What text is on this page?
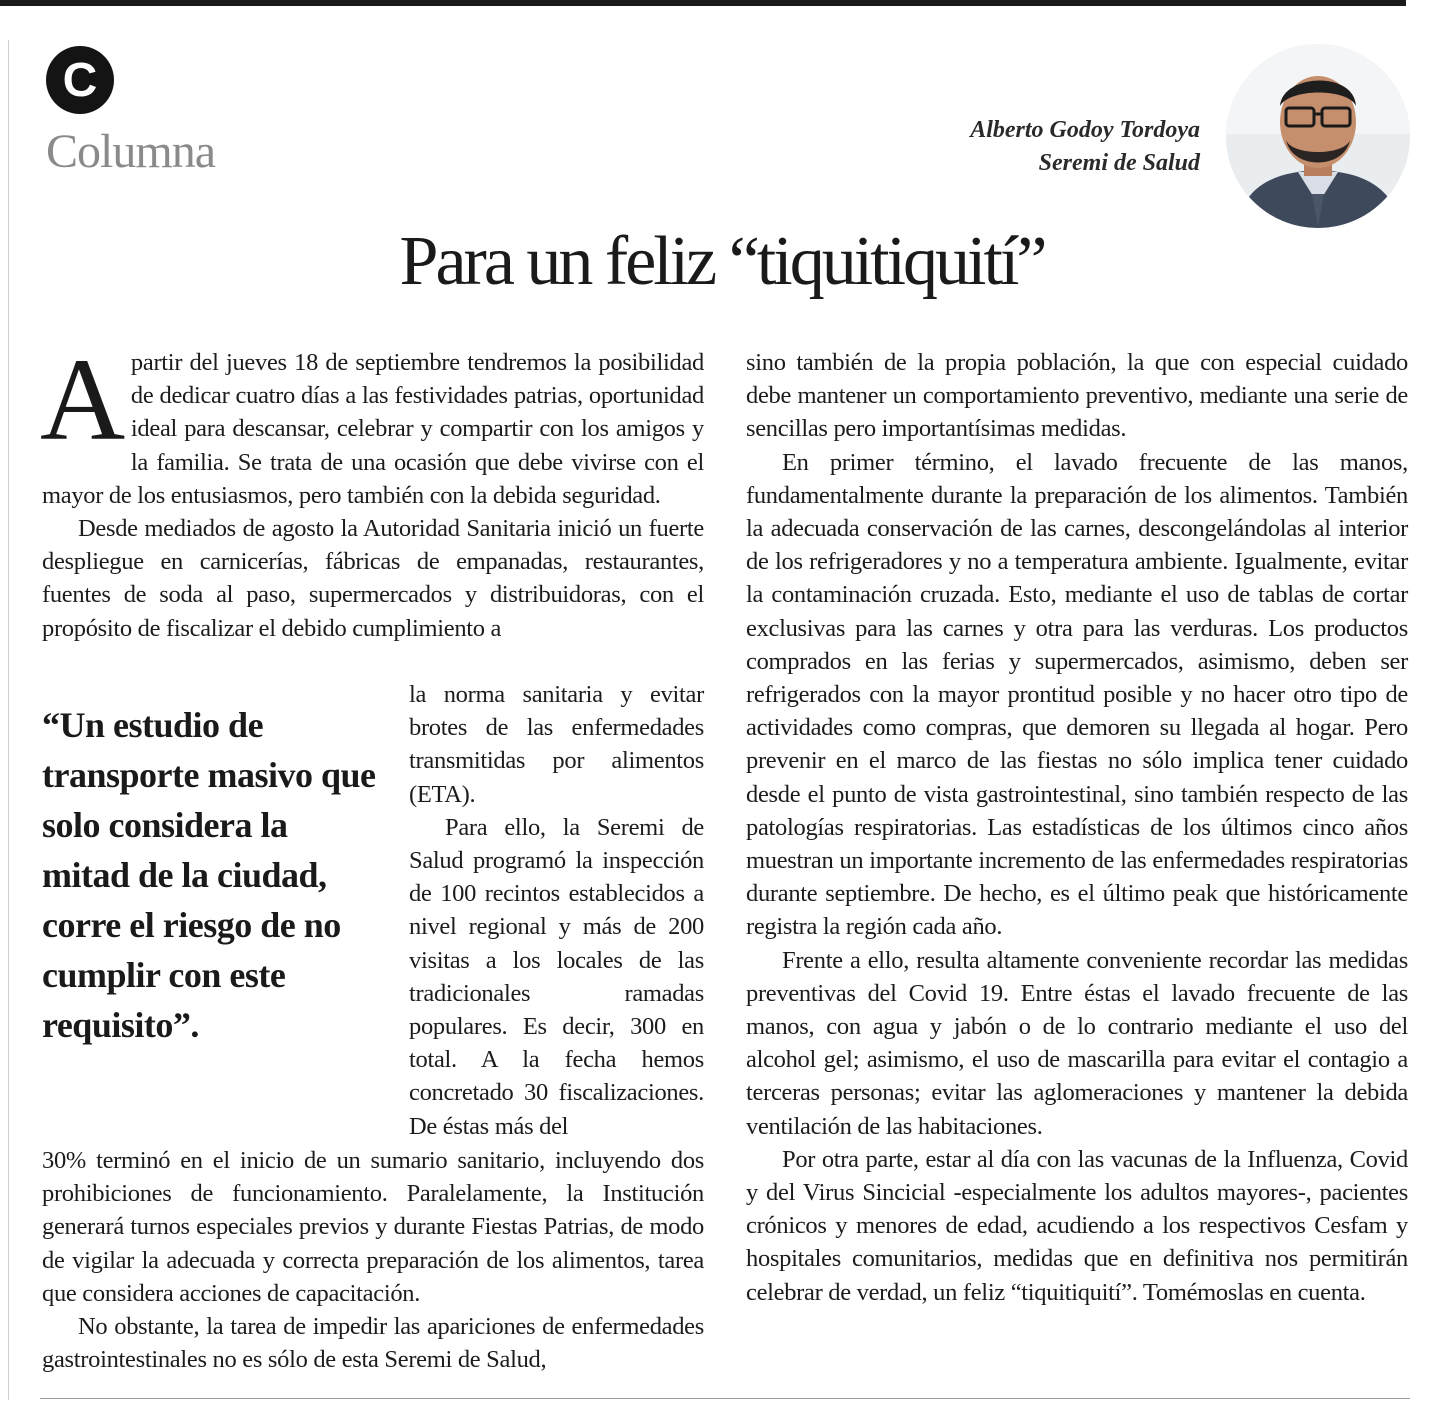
C
Columna	Alberto Godoy Tordoya
Seremi de Salud
Para un feliz “tiquitiquití”
A partir del jueves 18 de septiembre tendremos la posibilidad de dedicar cuatro días a las festividades patrias, oportunidad ideal para descansar, celebrar y compartir con los amigos y la familia. Se trata de una ocasión que debe vivirse con el mayor de los entusiasmos, pero también con la debida seguridad.

Desde mediados de agosto la Autoridad Sanitaria inició un fuerte despliegue en carnicerías, fábricas de empanadas, restaurantes, fuentes de soda al paso, supermercados y distribuidoras, con el propósito de fiscalizar el debido cumplimiento a

“Un estudio de transporte masivo que solo considera la mitad de la ciudad, corre el riesgo de no cumplir con este requisito”.

la norma sanitaria y evitar brotes de las enfermedades transmitidas por alimentos (ETA).

Para ello, la Seremi de Salud programó la inspección de 100 recintos establecidos a nivel regional y más de 200 visitas a los locales de las tradicionales ramadas populares. Es decir, 300 en total. A la fecha hemos concretado 30 fiscalizaciones. De éstas más del

30% terminó en el inicio de un sumario sanitario, incluyendo dos prohibiciones de funcionamiento. Paralelamente, la Institución generará turnos especiales previos y durante Fiestas Patrias, de modo de vigilar la adecuada y correcta preparación de los alimentos, tarea que considera acciones de capacitación.

No obstante, la tarea de impedir las apariciones de enfermedades gastrointestinales no es sólo de esta Seremi de Salud,

sino también de la propia población, la que con especial cuidado debe mantener un comportamiento preventivo, mediante una serie de sencillas pero importantísimas medidas.

En primer término, el lavado frecuente de las manos, fundamentalmente durante la preparación de los alimentos. También la adecuada conservación de las carnes, descongelándolas al interior de los refrigeradores y no a temperatura ambiente. Igualmente, evitar la contaminación cruzada. Esto, mediante el uso de tablas de cortar exclusivas para las carnes y otra para las verduras. Los productos comprados en las ferias y supermercados, asimismo, deben ser refrigerados con la mayor prontitud posible y no hacer otro tipo de actividades como compras, que demoren su llegada al hogar. Pero prevenir en el marco de las fiestas no sólo implica tener cuidado desde el punto de vista gastrointestinal, sino también respecto de las patologías respiratorias. Las estadísticas de los últimos cinco años muestran un importante incremento de las enfermedades respiratorias durante septiembre. De hecho, es el último peak que históricamente registra la región cada año.

Frente a ello, resulta altamente conveniente recordar las medidas preventivas del Covid 19. Entre éstas el lavado frecuente de las manos, con agua y jabón o de lo contrario mediante el uso del alcohol gel; asimismo, el uso de mascarilla para evitar el contagio a terceras personas; evitar las aglomeraciones y mantener la debida ventilación de las habitaciones.

Por otra parte, estar al día con las vacunas de la Influenza, Covid y del Virus Sincicial -especialmente los adultos mayores-, pacientes crónicos y menores de edad, acudiendo a los respectivos Cesfam y hospitales comunitarios, medidas que en definitiva nos permitirán celebrar de verdad, un feliz “tiquitiquití”. Tomémoslas en cuenta.
